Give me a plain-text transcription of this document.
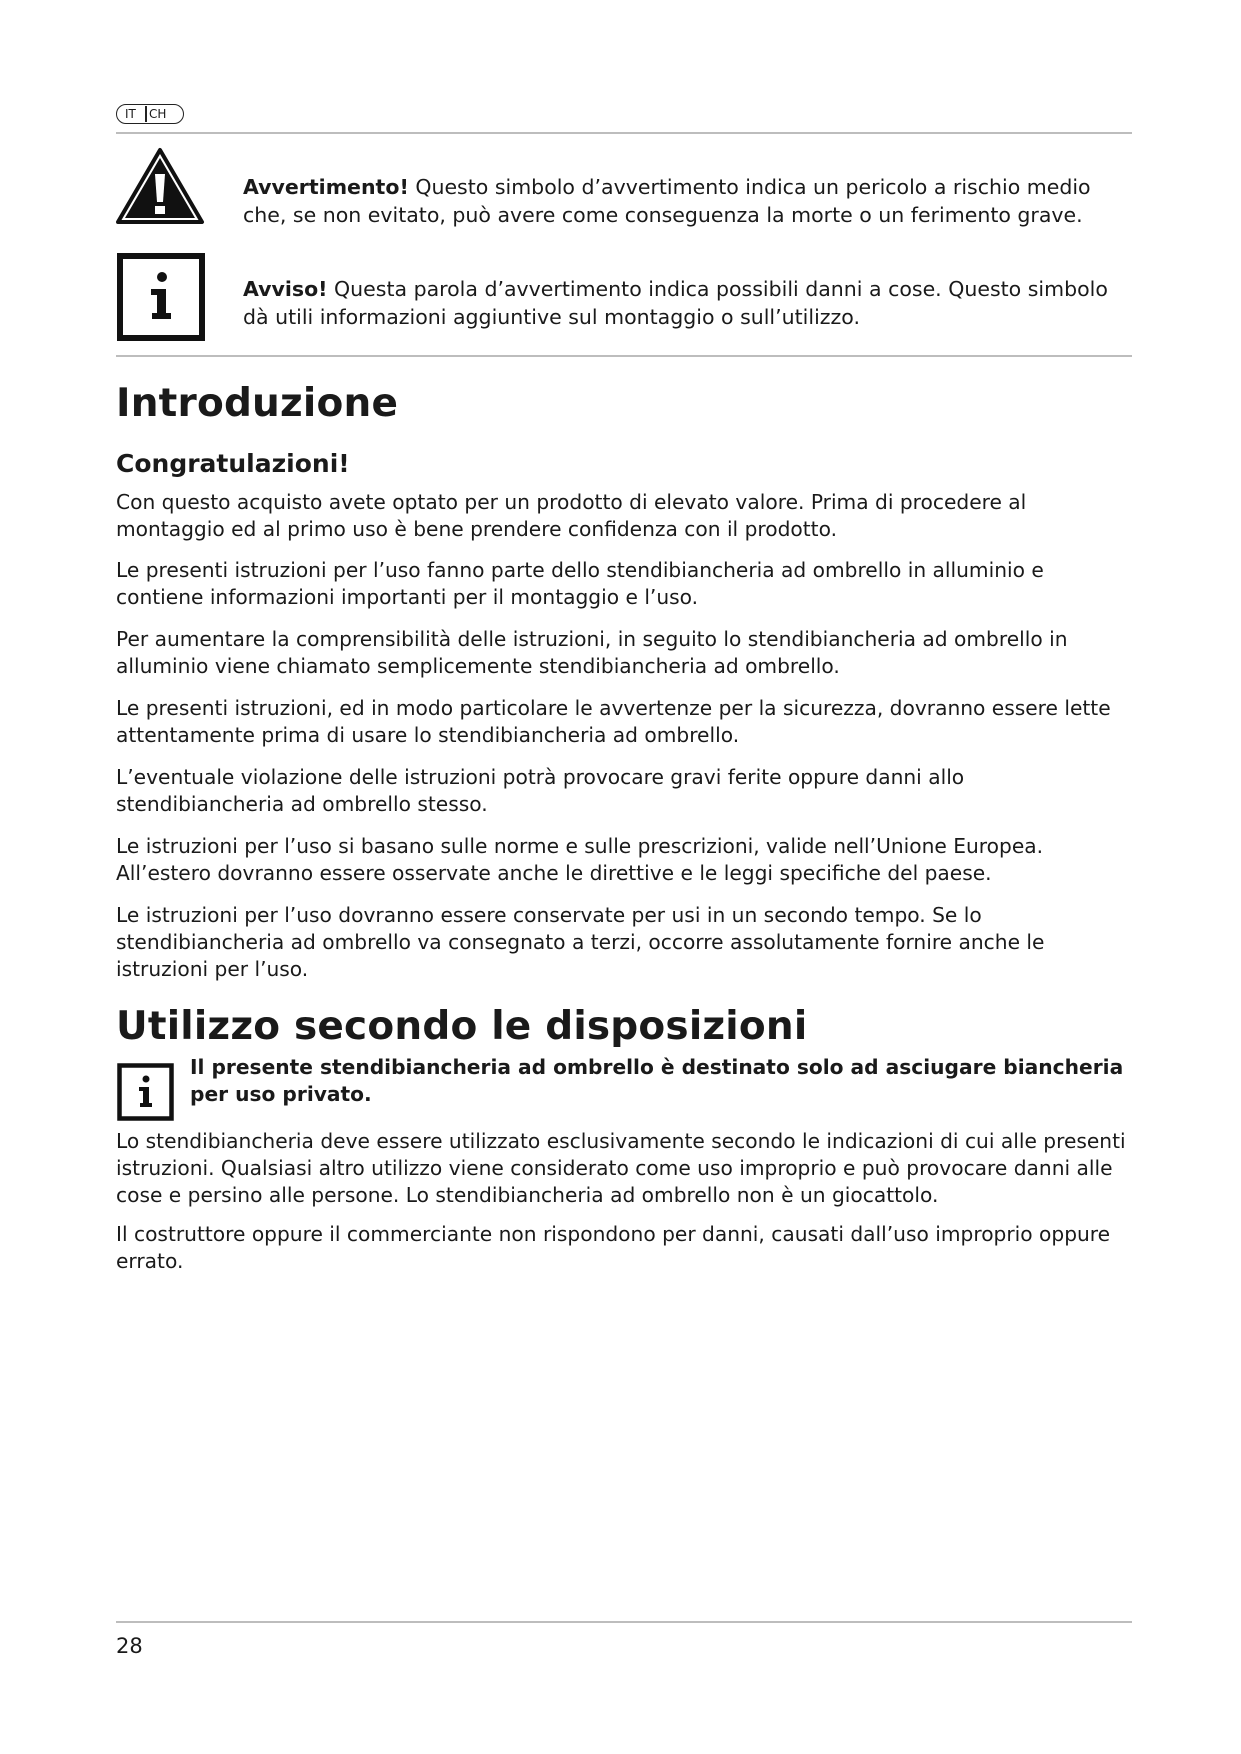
IT CH
Avvertimento! Questo simbolo d’avvertimento indica un pericolo a rischio medio che, se non evitato, può avere come conseguenza la morte o un ferimento grave.
Avviso! Questa parola d’avvertimento indica possibili danni a cose. Questo simbolo dà utili informazioni aggiuntive sul montaggio o sull’utilizzo.
Introduzione
Congratulazioni!

Con questo acquisto avete optato per un prodotto di elevato valore. Prima di procedere al montaggio ed al primo uso è bene prendere confidenza con il prodotto.

Le presenti istruzioni per l’uso fanno parte dello stendibiancheria ad ombrello in alluminio e contiene informazioni importanti per il montaggio e l’uso.

Per aumentare la comprensibilità delle istruzioni, in seguito lo stendibiancheria ad ombrello in alluminio viene chiamato semplicemente stendibiancheria ad ombrello.

Le presenti istruzioni, ed in modo particolare le avvertenze per la sicurezza, dovranno essere lette attentamente prima di usare lo stendibiancheria ad ombrello.

L’eventuale violazione delle istruzioni potrà provocare gravi ferite oppure danni allo stendibiancheria ad ombrello stesso.

Le istruzioni per l’uso si basano sulle norme e sulle prescrizioni, valide nell’Unione Europea. All’estero dovranno essere osservate anche le direttive e le leggi specifiche del paese.

Le istruzioni per l’uso dovranno essere conservate per usi in un secondo tempo. Se lo stendibiancheria ad ombrello va consegnato a terzi, occorre assolutamente fornire anche le istruzioni per l’uso.

Utilizzo secondo le disposizioni

Il presente stendibiancheria ad ombrello è destinato solo ad asciugare biancheria per uso privato.

Lo stendibiancheria deve essere utilizzato esclusivamente secondo le indicazioni di cui alle presenti istruzioni. Qualsiasi altro utilizzo viene considerato come uso improprio e può provocare danni alle cose e persino alle persone. Lo stendibiancheria ad ombrello non è un giocattolo.

Il costruttore oppure il commerciante non rispondono per danni, causati dall’uso improprio oppure errato.

28
